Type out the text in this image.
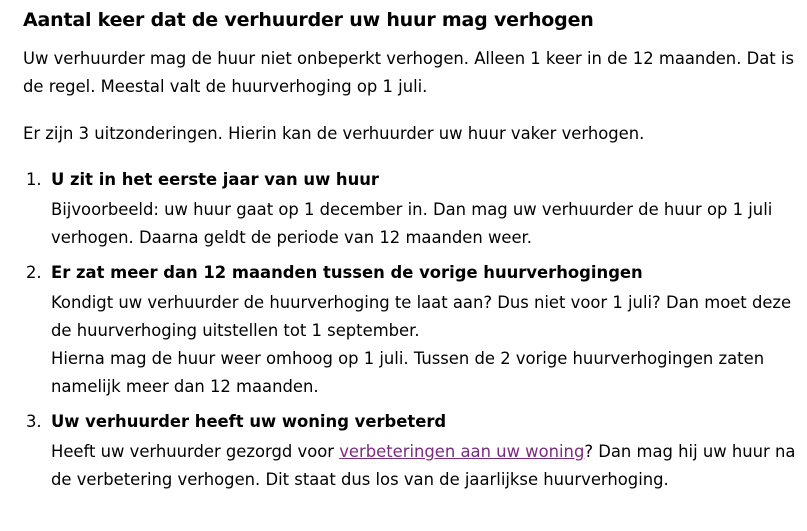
Aantal keer dat de verhuurder uw huur mag verhogen

Uw verhuurder mag de huur niet onbeperkt verhogen. Alleen 1 keer in de 12 maanden. Dat is de regel. Meestal valt de huurverhoging op 1 juli.

Er zijn 3 uitzonderingen. Hierin kan de verhuurder uw huur vaker verhogen.

1. U zit in het eerste jaar van uw huur

Bijvoorbeeld: uw huur gaat op 1 december in. Dan mag uw verhuurder de huur op 1 juli verhogen. Daarna geldt de periode van 12 maanden weer.

2. Er zat meer dan 12 maanden tussen de vorige huurverhogingen

Kondigt uw verhuurder de huurverhoging te laat aan? Dus niet voor 1 juli? Dan moet deze de huurverhoging uitstellen tot 1 september.
Hierna mag de huur weer omhoog op 1 juli. Tussen de 2 vorige huurverhogingen zaten namelijk meer dan 12 maanden.

3. Uw verhuurder heeft uw woning verbeterd

Heeft uw verhuurder gezorgd voor verbeteringen aan uw woning? Dan mag hij uw huur na de verbetering verhogen. Dit staat dus los van de jaarlijkse huurverhoging.
